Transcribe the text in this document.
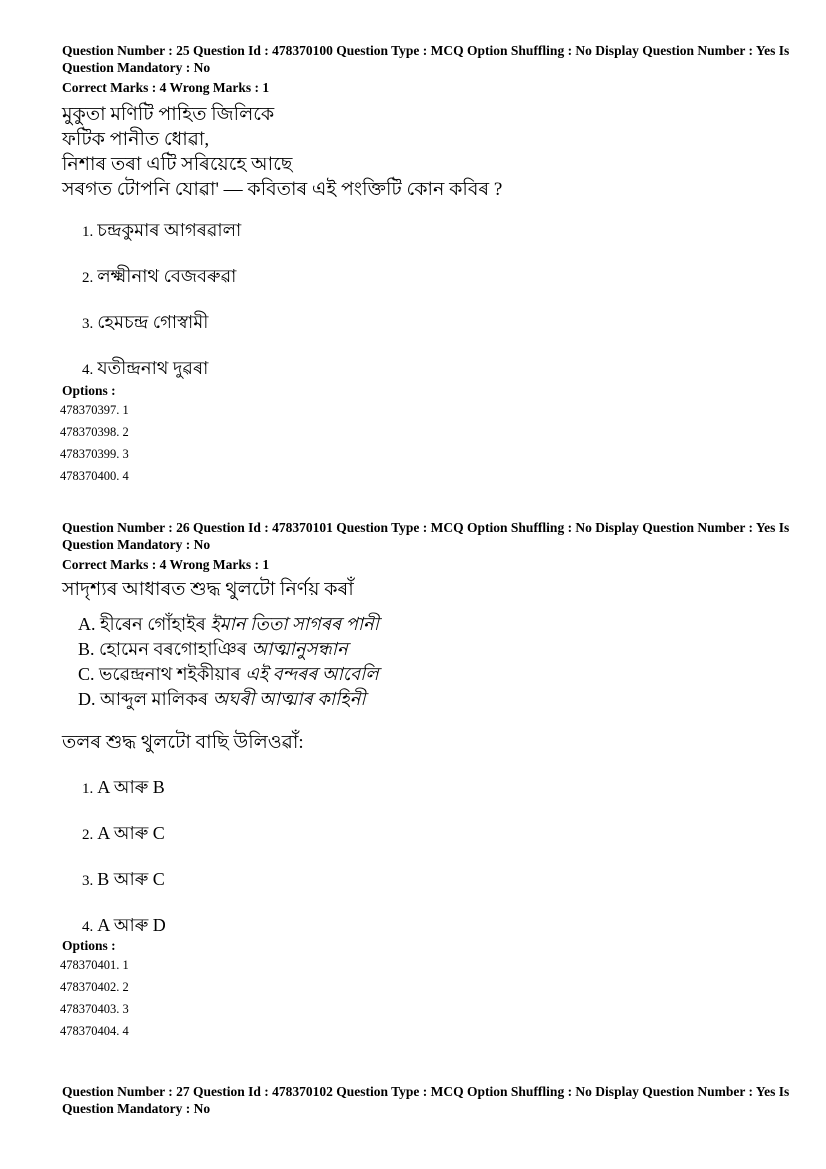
Question Number : 25 Question Id : 478370100 Question Type : MCQ Option Shuffling : No Display Question Number : Yes Is Question Mandatory : No
Correct Marks : 4 Wrong Marks : 1
মুকুতা মণিটি পাহিত জিলিকে
ফটিক পানীত ধোৱা,
নিশাৰ তৰা এটি সৰিয়েহে আছে
সৰগত টোপনি যোৱা' — কবিতাৰ এই পংক্তিটি কোন কবিৰ ?
1. চন্দ্ৰকুমাৰ আগৰৱালা
2. লক্ষ্মীনাথ বেজবৰুৱা
3. হেমচন্দ্ৰ গোস্বামী
4. যতীন্দ্ৰনাথ দুৱৰা
Options :
478370397. 1
478370398. 2
478370399. 3
478370400. 4
Question Number : 26 Question Id : 478370101 Question Type : MCQ Option Shuffling : No Display Question Number : Yes Is Question Mandatory : No
Correct Marks : 4 Wrong Marks : 1
সাদৃশ্যৰ আধাৰত শুদ্ধ থুলটো নিৰ্ণয় কৰাঁ
A. হীৰেন গোঁহাইৰ ইমান তিতা সাগৰৰ পানী
B. হোমেন বৰগোহাঞিৰ আত্মানুসন্ধান
C. ভৱেন্দ্ৰনাথ শইকীয়াৰ এই বন্দৰৰ আবেলি
D. আব্দুল মালিকৰ অঘৰী আত্মাৰ কাহিনী
তলৰ শুদ্ধ থুলটো বাছি উলিওৱাঁ:
1. A আৰু B
2. A আৰু C
3. B আৰু C
4. A আৰু D
Options :
478370401. 1
478370402. 2
478370403. 3
478370404. 4
Question Number : 27 Question Id : 478370102 Question Type : MCQ Option Shuffling : No Display Question Number : Yes Is Question Mandatory : No
